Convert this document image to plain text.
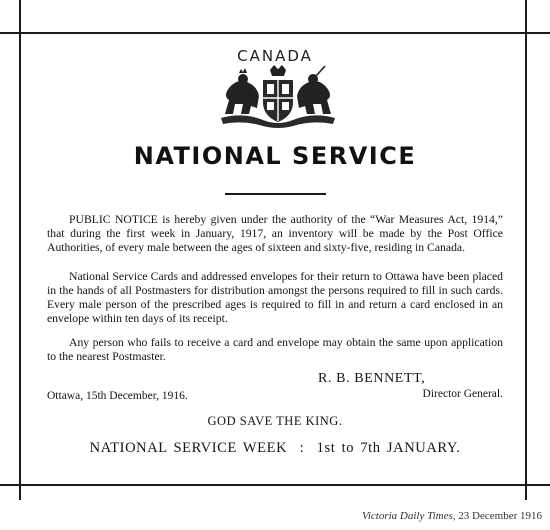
CANADA
NATIONAL SERVICE

PUBLIC NOTICE is hereby given under the authority of the “War Measures Act, 1914,” that during the first week in January, 1917, an inventory will be made by the Post Office Authorities, of every male between the ages of sixteen and sixty-five, residing in Canada.

National Service Cards and addressed envelopes for their return to Ottawa have been placed in the hands of all Postmasters for distribution amongst the persons required to fill in such cards. Every male person of the prescribed ages is required to fill in and return a card enclosed in an envelope within ten days of its receipt.

Any person who fails to receive a card and envelope may obtain the same upon application to the nearest Postmaster.

R. B. BENNETT,
Ottawa, 15th December, 1916.	Director General.
GOD SAVE THE KING.
NATIONAL SERVICE WEEK  :  1st to 7th JANUARY.
Victoria Daily Times, 23 December 1916
